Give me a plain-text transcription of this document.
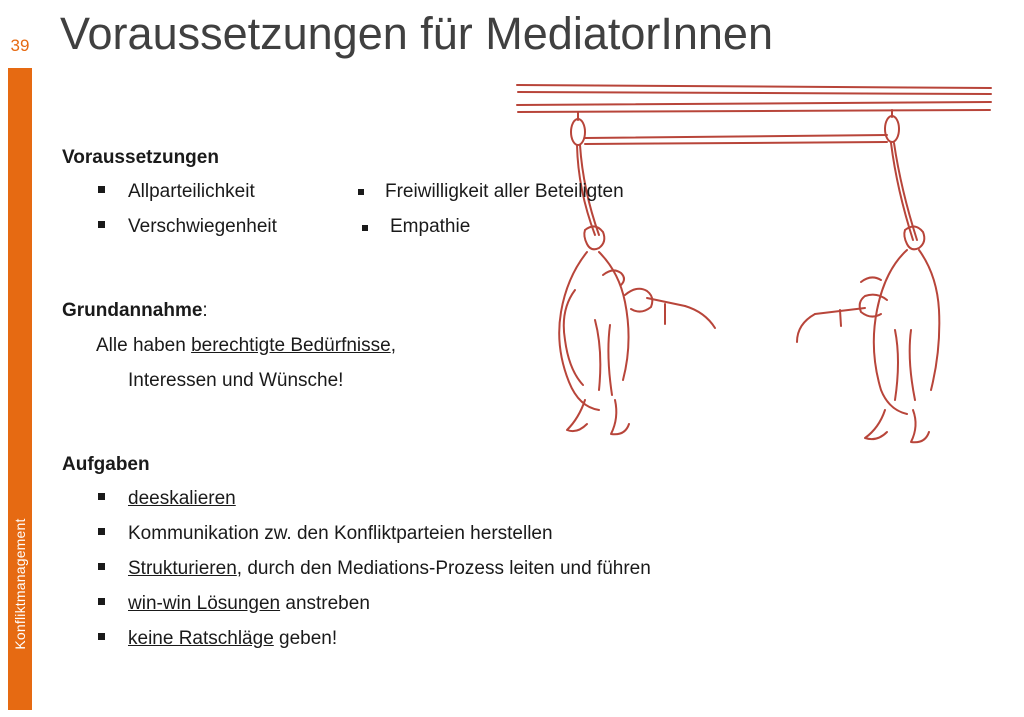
39
Konfliktmanagement
Voraussetzungen für MediatorInnen
Voraussetzungen
Allparteilichkeit	Freiwilligkeit aller Beteiligten
Verschwiegenheit	Empathie
Grundannahme:
Alle haben berechtigte Bedürfnisse,
Interessen und Wünsche!
Aufgaben
deeskalieren
Kommunikation zw. den Konfliktparteien herstellen
Strukturieren, durch den Mediations-Prozess leiten und führen
win-win Lösungen anstreben
keine Ratschläge geben!
